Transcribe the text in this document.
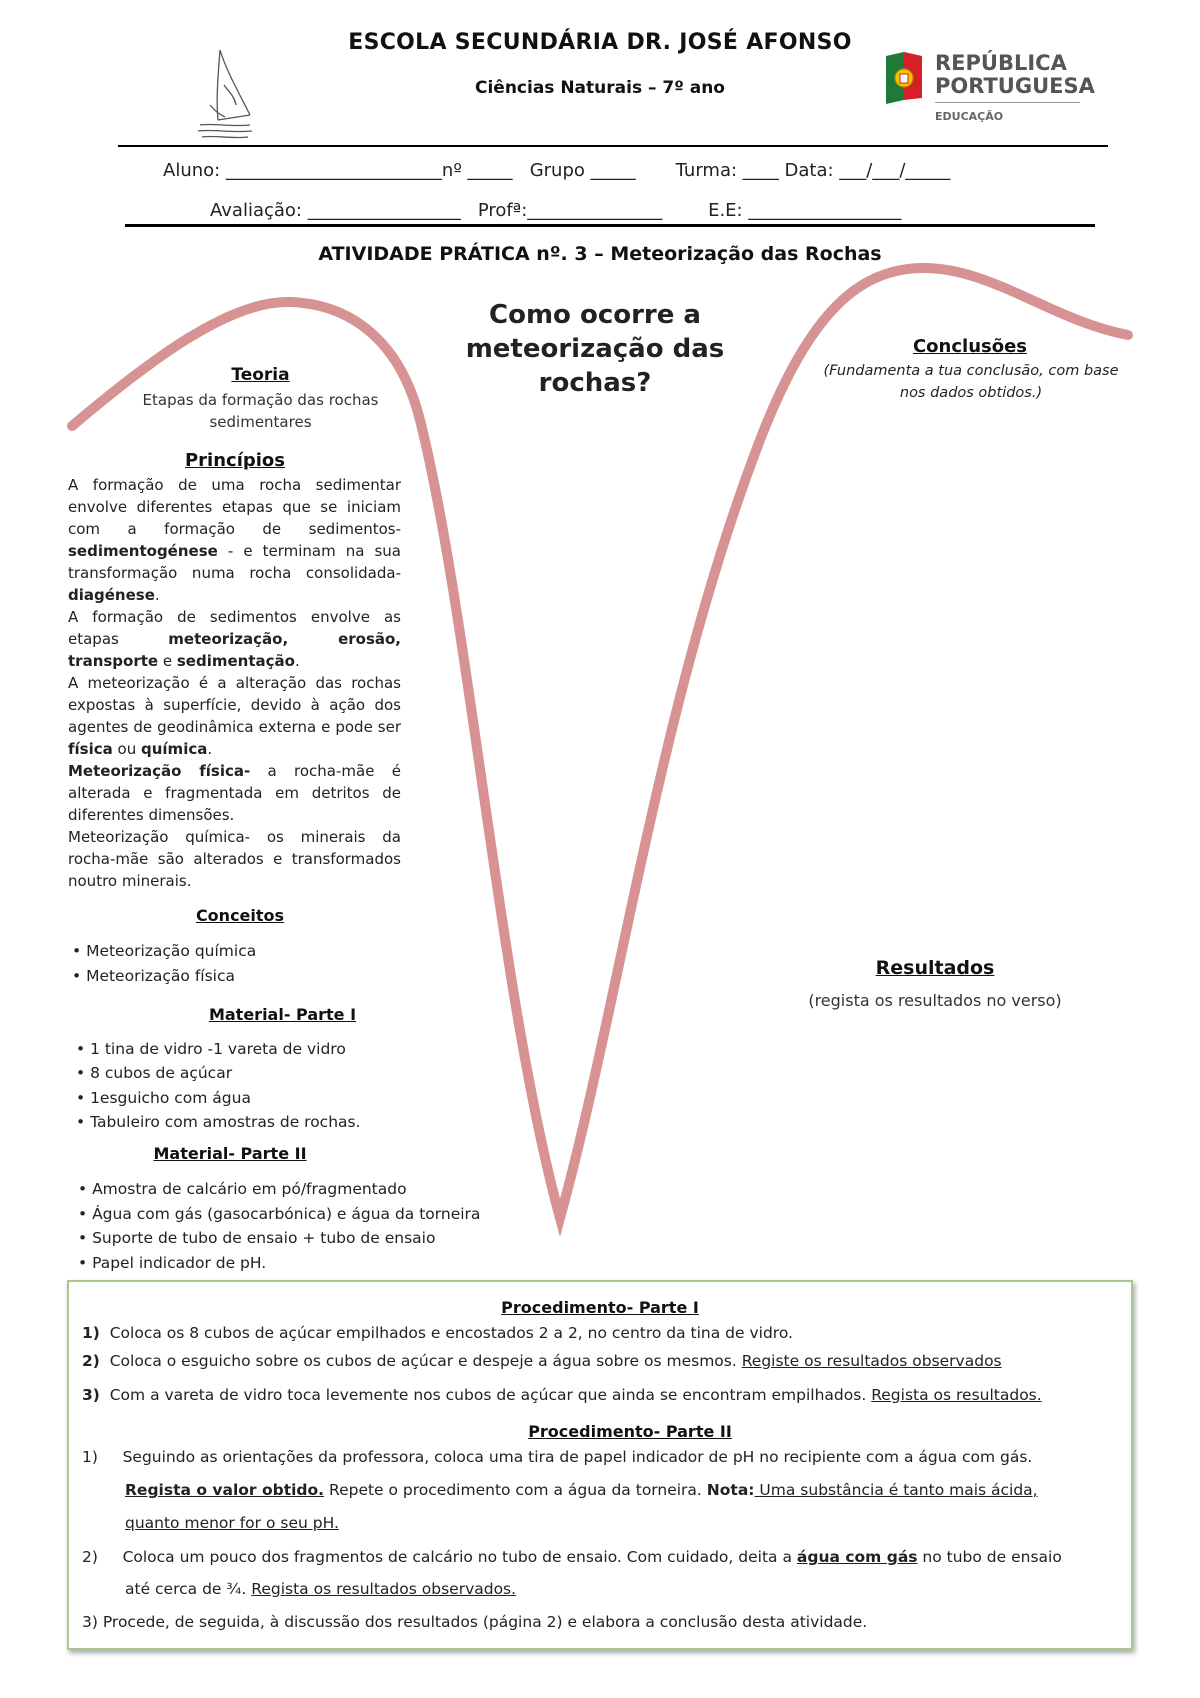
ESCOLA SECUNDÁRIA DR. JOSÉ AFONSO
Ciências Naturais – 7º ano
REPÚBLICA
PORTUGUESA
EDUCAÇÃO
Aluno: ________________________nº _____   Grupo _____       Turma: ____ Data: ___/___/_____
Avaliação: _________________   Profª:_______________        E.E: _________________
ATIVIDADE PRÁTICA nº. 3 – Meteorização das Rochas
Como ocorre a meteorização das rochas?
Teoria
Etapas da formação das rochas sedimentares
Princípios

A formação de uma rocha sedimentar envolve diferentes etapas que se iniciam com a formação de sedimentos- sedimentogénese - e terminam na sua transformação numa rocha consolidada- diagénese.

A formação de sedimentos envolve as etapas meteorização, erosão, transporte e sedimentação.

A meteorização é a alteração das rochas expostas à superfície, devido à ação dos agentes de geodinâmica externa e pode ser física ou química.

Meteorização física- a rocha-mãe é alterada e fragmentada em detritos de diferentes dimensões.

Meteorização química- os minerais da rocha-mãe são alterados e transformados noutro minerais.

Conceitos
• Meteorização química
• Meteorização física
Material- Parte I
• 1 tina de vidro -1 vareta de vidro
• 8 cubos de açúcar
• 1esguicho com água
• Tabuleiro com amostras de rochas.
Material- Parte II
• Amostra de calcário em pó/fragmentado
• Água com gás (gasocarbónica) e água da torneira
• Suporte de tubo de ensaio + tubo de ensaio
• Papel indicador de pH.
Conclusões
(Fundamenta a tua conclusão, com base nos dados obtidos.)
Resultados
(regista os resultados no verso)
Procedimento- Parte I
1) Coloca os 8 cubos de açúcar empilhados e encostados 2 a 2, no centro da tina de vidro.
2) Coloca o esguicho sobre os cubos de açúcar e despeje a água sobre os mesmos. Registe os resultados observados
3) Com a vareta de vidro toca levemente nos cubos de açúcar que ainda se encontram empilhados. Regista os resultados.
Procedimento- Parte II
1) Seguindo as orientações da professora, coloca uma tira de papel indicador de pH no recipiente com a água com gás.
Regista o valor obtido. Repete o procedimento com a água da torneira. Nota: Uma substância é tanto mais ácida,
quanto menor for o seu pH.
2) Coloca um pouco dos fragmentos de calcário no tubo de ensaio. Com cuidado, deita a água com gás no tubo de ensaio
até cerca de ¾. Regista os resultados observados.
3) Procede, de seguida, à discussão dos resultados (página 2) e elabora a conclusão desta atividade.
